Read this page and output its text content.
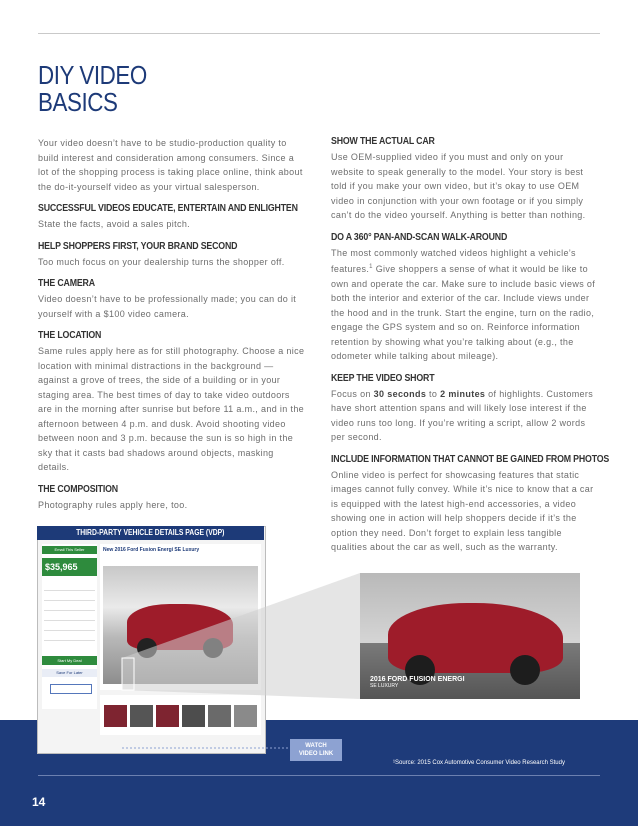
DIY VIDEO
BASICS

Your video doesn’t have to be studio-production quality to build interest and consideration among consumers. Since a lot of the shopping process is taking place online, think about the do-it-yourself video as your virtual salesperson.

SUCCESSFUL VIDEOS EDUCATE, ENTERTAIN AND ENLIGHTEN

State the facts, avoid a sales pitch.

HELP SHOPPERS FIRST, YOUR BRAND SECOND

Too much focus on your dealership turns the shopper off.

THE CAMERA

Video doesn’t have to be professionally made; you can do it yourself with a $100 video camera.

THE LOCATION

Same rules apply here as for still photography. Choose a nice location with minimal distractions in the background — against a grove of trees, the side of a building or in your staging area. The best times of day to take video outdoors are in the morning after sunrise but before 11 a.m., and in the afternoon between 4 p.m. and dusk. Avoid shooting video between noon and 3 p.m. because the sun is so high in the sky that it casts bad shadows around objects, masking details.

THE COMPOSITION

Photography rules apply here, too.

SHOW THE ACTUAL CAR

Use OEM-supplied video if you must and only on your website to speak generally to the model. Your story is best told if you make your own video, but it’s okay to use OEM video in conjunction with your own footage or if you simply can’t do the video yourself. Anything is better than nothing.

DO A 360° PAN-AND-SCAN WALK-AROUND

The most commonly watched videos highlight a vehicle’s features.$^1$ Give shoppers a sense of what it would be like to own and operate the car. Make sure to include basic views of both the interior and exterior of the car. Include views under the hood and in the trunk. Start the engine, turn on the radio, engage the GPS system and so on. Reinforce information retention by showing what you’re talking about (e.g., the odometer while talking about mileage).

KEEP THE VIDEO SHORT

Focus on 30 seconds to 2 minutes of highlights. Customers have short attention spans and will likely lose interest if the video runs too long. If you’re writing a script, allow 2 words per second.

INCLUDE INFORMATION THAT CANNOT BE GAINED FROM PHOTOS

Online video is perfect for showcasing features that static images cannot fully convey. While it’s nice to know that a car is equipped with the latest high-end accessories, a video showing one in action will help shoppers decide if it’s the option they need. Don’t forget to explain less tangible qualities about the car as well, such as the warranty.

¹Source: 2015 Cox Automotive Consumer Video Research Study
14
Email This Seller
$35,965
Start My Deal
Save For Later
New 2016 Ford Fusion Energi SE Luxury
THIRD-PARTY VEHICLE DETAILS PAGE (VDP)
2016 FORD FUSION ENERGI
SE LUXURY
WATCH
VIDEO LINK
